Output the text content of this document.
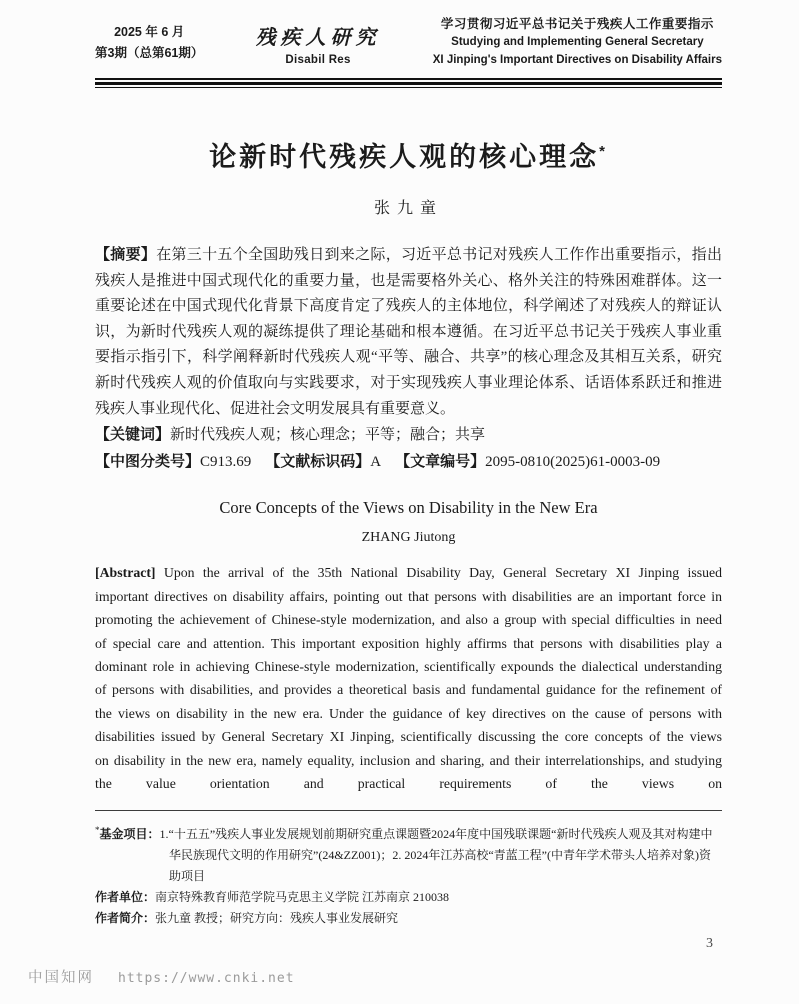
2025 年 6 月
第3期（总第61期）
残疾人研究
Disabil Res
学习贯彻习近平总书记关于残疾人工作重要指示
Studying and Implementing General Secretary
XI Jinping's Important Directives on Disability Affairs
论新时代残疾人观的核心理念*
张九童
【摘要】在第三十五个全国助残日到来之际，习近平总书记对残疾人工作作出重要指示，指出残疾人是推进中国式现代化的重要力量，也是需要格外关心、格外关注的特殊困难群体。这一重要论述在中国式现代化背景下高度肯定了残疾人的主体地位，科学阐述了对残疾人的辩证认识，为新时代残疾人观的凝练提供了理论基础和根本遵循。在习近平总书记关于残疾人事业重要指示指引下，科学阐释新时代残疾人观“平等、融合、共享”的核心理念及其相互关系，研究新时代残疾人观的价值取向与实践要求，对于实现残疾人事业理论体系、话语体系跃迁和推进残疾人事业现代化、促进社会文明发展具有重要意义。
【关键词】新时代残疾人观；核心理念；平等；融合；共享
【中图分类号】C913.69 【文献标识码】A 【文章编号】2095-0810(2025)61-0003-09
Core Concepts of the Views on Disability in the New Era
ZHANG Jiutong
[Abstract] Upon the arrival of the 35th National Disability Day, General Secretary XI Jinping issued important directives on disability affairs, pointing out that persons with disabilities are an important force in promoting the achievement of Chinese-style modernization, and also a group with special difficulties in need of special care and attention. This important exposition highly affirms that persons with disabilities play a dominant role in achieving Chinese-style modernization, scientifically expounds the dialectical understanding of persons with disabilities, and provides a theoretical basis and fundamental guidance for the refinement of the views on disability in the new era. Under the guidance of key directives on the cause of persons with disabilities issued by General Secretary XI Jinping, scientifically discussing the core concepts of the views on disability in the new era, namely equality, inclusion and sharing, and their interrelationships, and studying the value orientation and practical requirements of the views on
*基金项目：1.“十五五”残疾人事业发展规划前期研究重点课题暨2024年度中国残联课题“新时代残疾人观及其对构建中华民族现代文明的作用研究”(24&ZZ001)；2. 2024年江苏高校“青蓝工程”(中青年学术带头人培养对象)资助项目
作者单位：南京特殊教育师范学院马克思主义学院 江苏南京 210038
作者简介：张九童 教授；研究方向：残疾人事业发展研究
3
中国知网 https://www.cnki.net
